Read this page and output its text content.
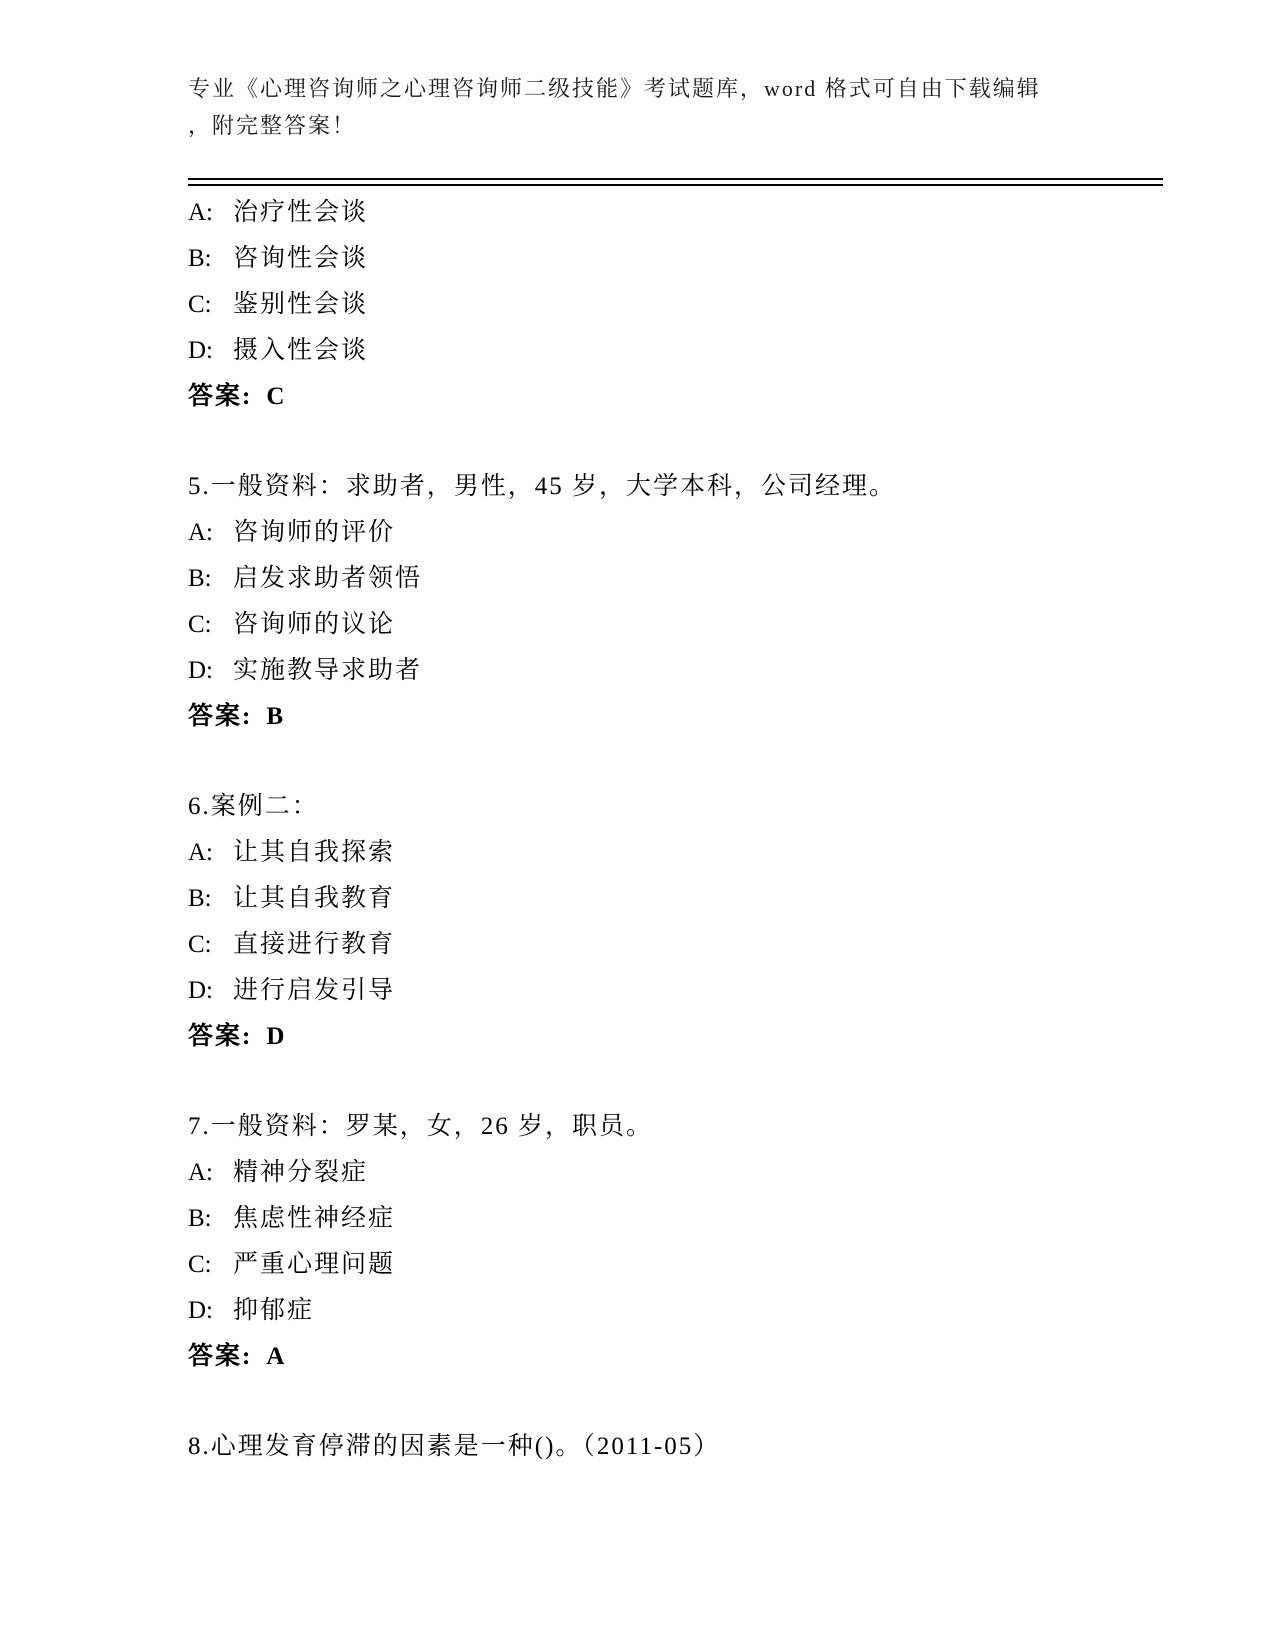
专业《心理咨询师之心理咨询师二级技能》考试题库，word 格式可自由下载编辑
，附完整答案！
A: 治疗性会谈
B: 咨询性会谈
C: 鉴别性会谈
D: 摄入性会谈
答案: C
5.一般资料：求助者，男性，45 岁，大学本科，公司经理。
A: 咨询师的评价
B: 启发求助者领悟
C: 咨询师的议论
D: 实施教导求助者
答案: B
6.案例二：
A: 让其自我探索
B: 让其自我教育
C: 直接进行教育
D: 进行启发引导
答案: D
7.一般资料：罗某，女，26 岁，职员。
A: 精神分裂症
B: 焦虑性神经症
C: 严重心理问题
D: 抑郁症
答案: A
8.心理发育停滞的因素是一种()。（2011-05）
